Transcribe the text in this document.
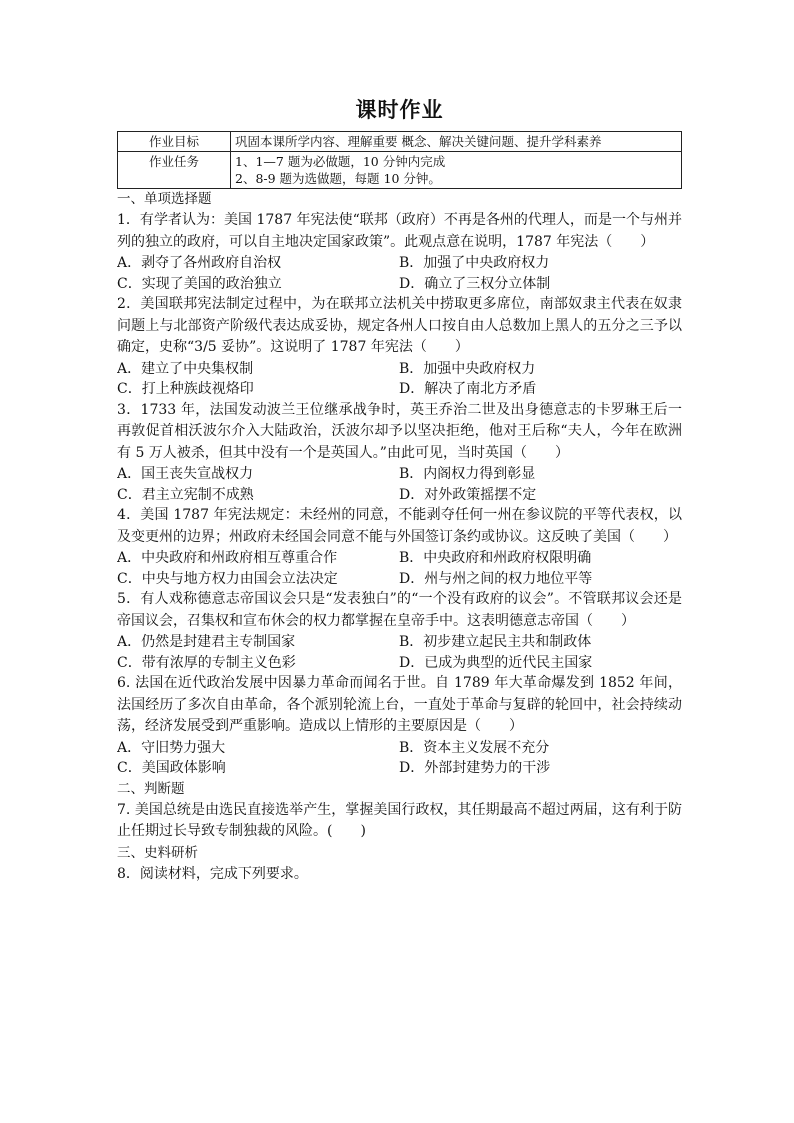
课时作业
作业目标	巩固本课所学内容、理解重要 概念、解决关键问题、提升学科素养

作业任务	1、1—7 题为必做题，10 分钟内完成
2、8-9 题为选做题，每题 10 分钟。
一、单项选择题

1．有学者认为：美国 1787 年宪法使“联邦（政府）不再是各州的代理人，而是一个与州并列的独立的政府，可以自主地决定国家政策”。此观点意在说明，1787 年宪法（　　）

A．剥夺了各州政府自治权	B．加强了中央政府权力
C．实现了美国的政治独立	D．确立了三权分立体制

2．美国联邦宪法制定过程中，为在联邦立法机关中捞取更多席位，南部奴隶主代表在奴隶问题上与北部资产阶级代表达成妥协，规定各州人口按自由人总数加上黑人的五分之三予以确定，史称“3/5 妥协”。这说明了 1787 年宪法（　　）

A．建立了中央集权制	B．加强中央政府权力
C．打上种族歧视烙印	D．解决了南北方矛盾

3．1733 年，法国发动波兰王位继承战争时，英王乔治二世及出身德意志的卡罗琳王后一再敦促首相沃波尔介入大陆政治，沃波尔却予以坚决拒绝，他对王后称“夫人，今年在欧洲有 5 万人被杀，但其中没有一个是英国人。”由此可见，当时英国（　　）

A．国王丧失宣战权力	B．内阁权力得到彰显
C．君主立宪制不成熟	D．对外政策摇摆不定

4．美国 1787 年宪法规定：未经州的同意，不能剥夺任何一州在参议院的平等代表权，以及变更州的边界；州政府未经国会同意不能与外国签订条约或协议。这反映了美国（　　）

A．中央政府和州政府相互尊重合作	B．中央政府和州政府权限明确
C．中央与地方权力由国会立法决定	D．州与州之间的权力地位平等

5．有人戏称德意志帝国议会只是“发表独白”的“一个没有政府的议会”。不管联邦议会还是帝国议会，召集权和宣布休会的权力都掌握在皇帝手中。这表明德意志帝国（　　）

A．仍然是封建君主专制国家	B．初步建立起民主共和制政体
C．带有浓厚的专制主义色彩	D．已成为典型的近代民主国家

6. 法国在近代政治发展中因暴力革命而闻名于世。自 1789 年大革命爆发到 1852 年间，法国经历了多次自由革命，各个派别轮流上台，一直处于革命与复辟的轮回中，社会持续动荡，经济发展受到严重影响。造成以上情形的主要原因是（　　）

A．守旧势力强大	B．资本主义发展不充分
C．美国政体影响	D．外部封建势力的干涉
二、判断题

7. 美国总统是由选民直接选举产生，掌握美国行政权，其任期最高不超过两届，这有利于防止任期过长导致专制独裁的风险。(　　)

三、史料研析

8．阅读材料，完成下列要求。
